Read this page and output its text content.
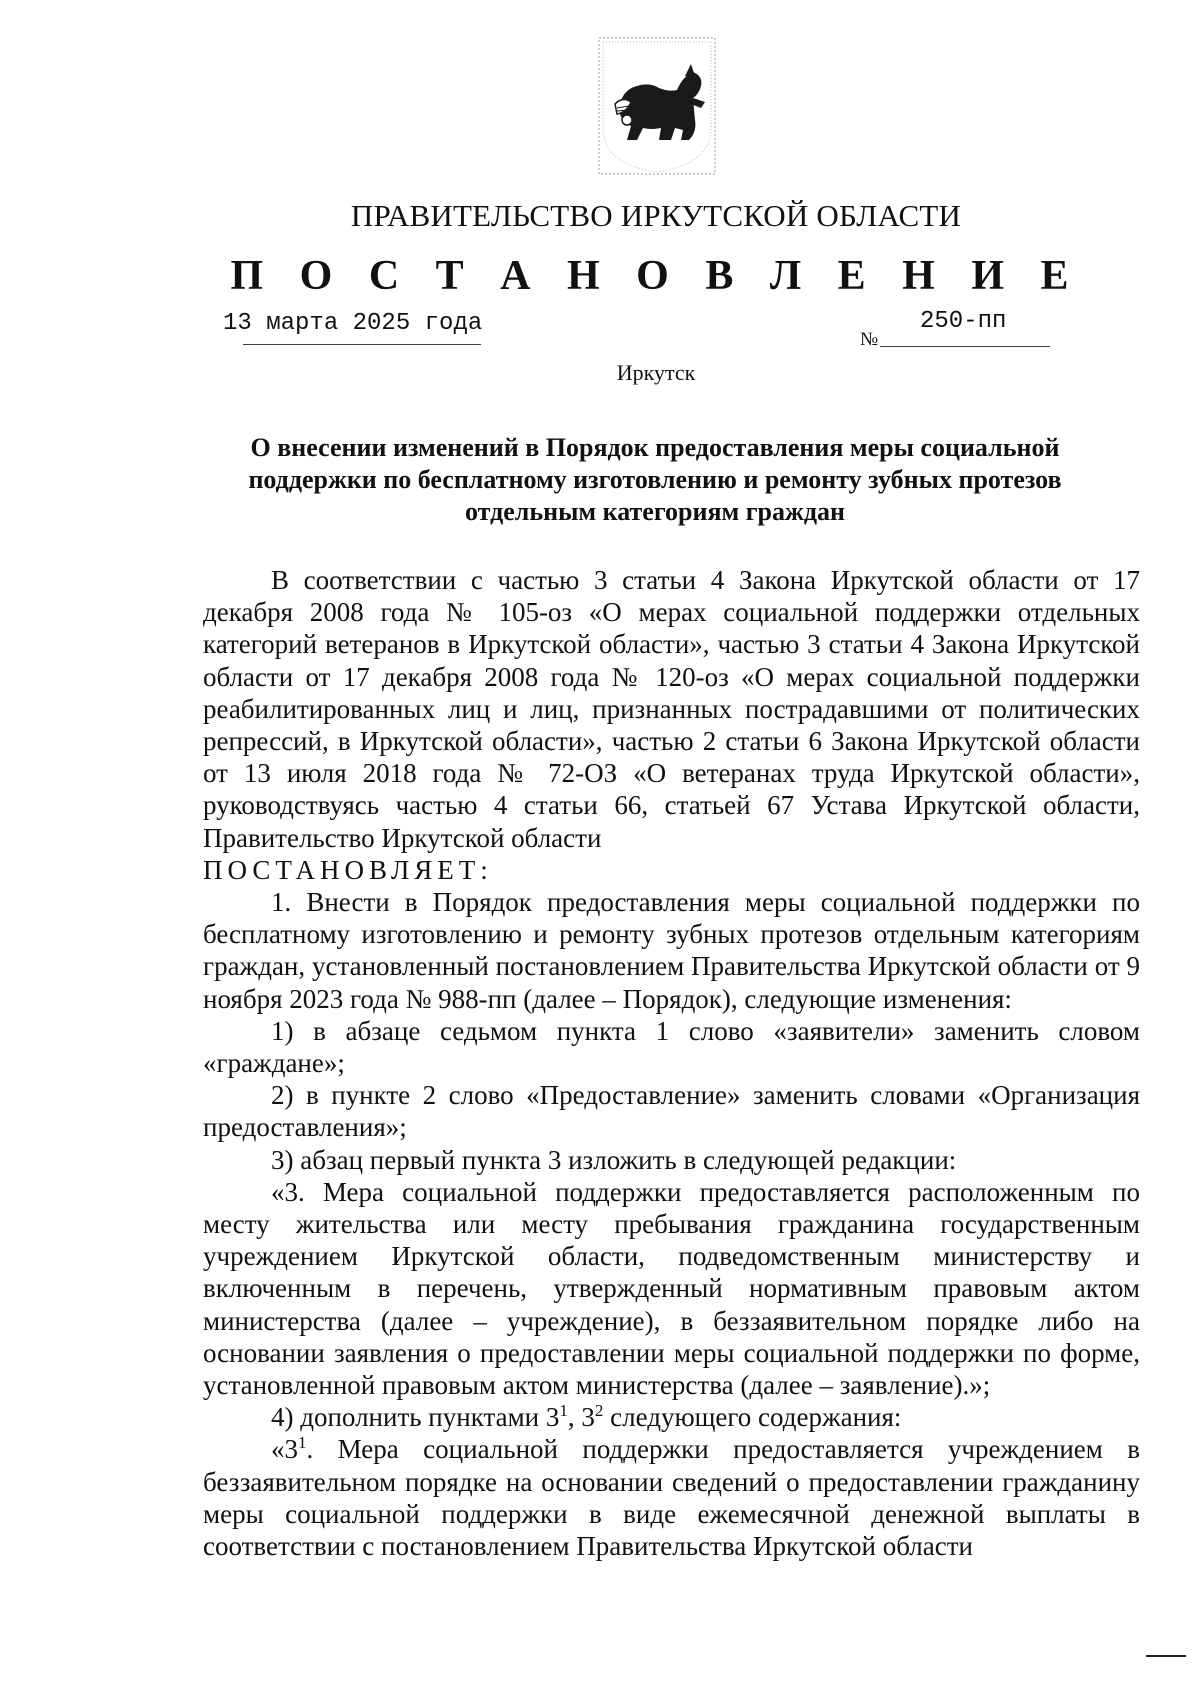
ПРАВИТЕЛЬСТВО ИРКУТСКОЙ ОБЛАСТИ
П О С Т А Н О В Л Е Н И Е
13 марта 2025 года
№
250-пп
Иркутск
О внесении изменений в Порядок предоставления меры социальной поддержки по бесплатному изготовлению и ремонту зубных протезов отдельным категориям граждан

В соответствии с частью 3 статьи 4 Закона Иркутской области от 17 декабря 2008 года № 105-оз «О мерах социальной поддержки отдельных категорий ветеранов в Иркутской области», частью 3 статьи 4 Закона Иркутской области от 17 декабря 2008 года № 120-оз «О мерах социальной поддержки реабилитированных лиц и лиц, признанных пострадавшими от политических репрессий, в Иркутской области», частью 2 статьи 6 Закона Иркутской области от 13 июля 2018 года № 72-ОЗ «О ветеранах труда Иркутской области», руководствуясь частью 4 статьи 66, статьей 67 Устава Иркутской области, Правительство Иркутской области

ПОСТАНОВЛЯЕТ:

1. Внести в Порядок предоставления меры социальной поддержки по бесплатному изготовлению и ремонту зубных протезов отдельным категориям граждан, установленный постановлением Правительства Иркутской области от 9 ноября 2023 года № 988-пп (далее – Порядок), следующие изменения:

1) в абзаце седьмом пункта 1 слово «заявители» заменить словом «граждане»;

2) в пункте 2 слово «Предоставление» заменить словами «Организация предоставления»;

3) абзац первый пункта 3 изложить в следующей редакции:

«3. Мера социальной поддержки предоставляется расположенным по месту жительства или месту пребывания гражданина государственным учреждением Иркутской области, подведомственным министерству и включенным в перечень, утвержденный нормативным правовым актом министерства (далее – учреждение), в беззаявительном порядке либо на основании заявления о предоставлении меры социальной поддержки по форме, установленной правовым актом министерства (далее – заявление).»;

4) дополнить пунктами $3^1$, $3^2$ следующего содержания:

«$3^1$. Мера социальной поддержки предоставляется учреждением в беззаявительном порядке на основании сведений о предоставлении гражданину меры социальной поддержки в виде ежемесячной денежной выплаты в соответствии с постановлением Правительства Иркутской области
